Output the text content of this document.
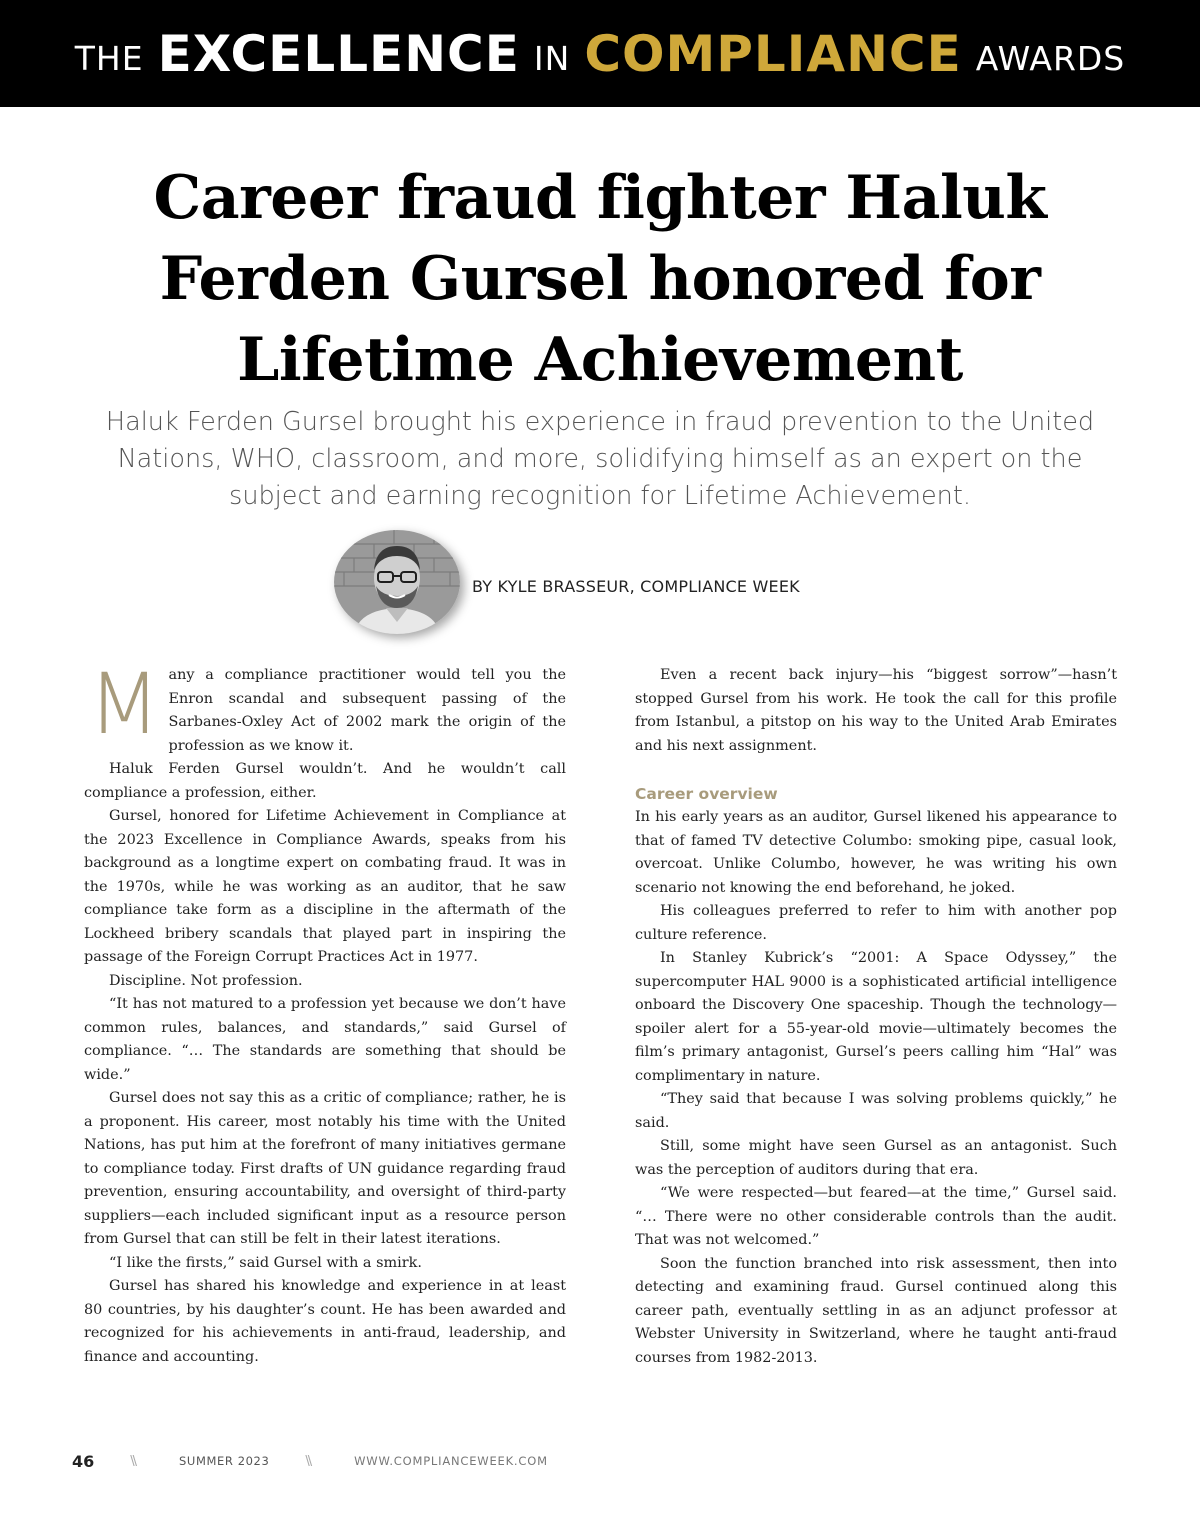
THE EXCELLENCE IN COMPLIANCE AWARDS
Career fraud fighter Haluk
Ferden Gursel honored for
Lifetime Achievement
Haluk Ferden Gursel brought his experience in fraud prevention to the United
Nations, WHO, classroom, and more, solidifying himself as an expert on the
subject and earning recognition for Lifetime Achievement.
BY KYLE BRASSEUR, COMPLIANCE WEEK

Many a compliance practitioner would tell you the Enron scandal and subsequent passing of the Sarbanes-Oxley Act of 2002 mark the origin of the profession as we know it.

Haluk Ferden Gursel wouldn’t. And he wouldn’t call compliance a profession, either.

Gursel, honored for Lifetime Achievement in Compliance at the 2023 Excellence in Compliance Awards, speaks from his background as a longtime expert on combating fraud. It was in the 1970s, while he was working as an auditor, that he saw compliance take form as a discipline in the aftermath of the Lockheed bribery scandals that played part in inspiring the passage of the Foreign Corrupt Practices Act in 1977.

Discipline. Not profession.

“It has not matured to a profession yet because we don’t have common rules, balances, and standards,” said Gursel of compliance. “… The standards are something that should be wide.”

Gursel does not say this as a critic of compliance; rather, he is a proponent. His career, most notably his time with the United Nations, has put him at the forefront of many initiatives germane to compliance today. First drafts of UN guidance regarding fraud prevention, ensuring accountability, and oversight of third-party suppliers—each included significant input as a resource person from Gursel that can still be felt in their latest iterations.

“I like the firsts,” said Gursel with a smirk.

Gursel has shared his knowledge and experience in at least 80 countries, by his daughter’s count. He has been awarded and recognized for his achievements in anti-fraud, leadership, and finance and accounting.

Even a recent back injury—his “biggest sorrow”—hasn’t stopped Gursel from his work. He took the call for this profile from Istanbul, a pitstop on his way to the United Arab Emirates and his next assignment.

Career overview

In his early years as an auditor, Gursel likened his appearance to that of famed TV detective Columbo: smoking pipe, casual look, overcoat. Unlike Columbo, however, he was writing his own scenario not knowing the end beforehand, he joked.

His colleagues preferred to refer to him with another pop culture reference.

In Stanley Kubrick’s “2001: A Space Odyssey,” the supercomputer HAL 9000 is a sophisticated artificial intelligence onboard the Discovery One spaceship. Though the technology—spoiler alert for a 55-year-old movie—ultimately becomes the film’s primary antagonist, Gursel’s peers calling him “Hal” was complimentary in nature.

“They said that because I was solving problems quickly,” he said.

Still, some might have seen Gursel as an antagonist. Such was the perception of auditors during that era.

“We were respected—but feared—at the time,” Gursel said. “… There were no other considerable controls than the audit. That was not welcomed.”

Soon the function branched into risk assessment, then into detecting and examining fraud. Gursel continued along this career path, eventually settling in as an adjunct professor at Webster University in Switzerland, where he taught anti-fraud courses from 1982-2013.

46	\\	SUMMER 2023	\\	WWW.COMPLIANCEWEEK.COM
